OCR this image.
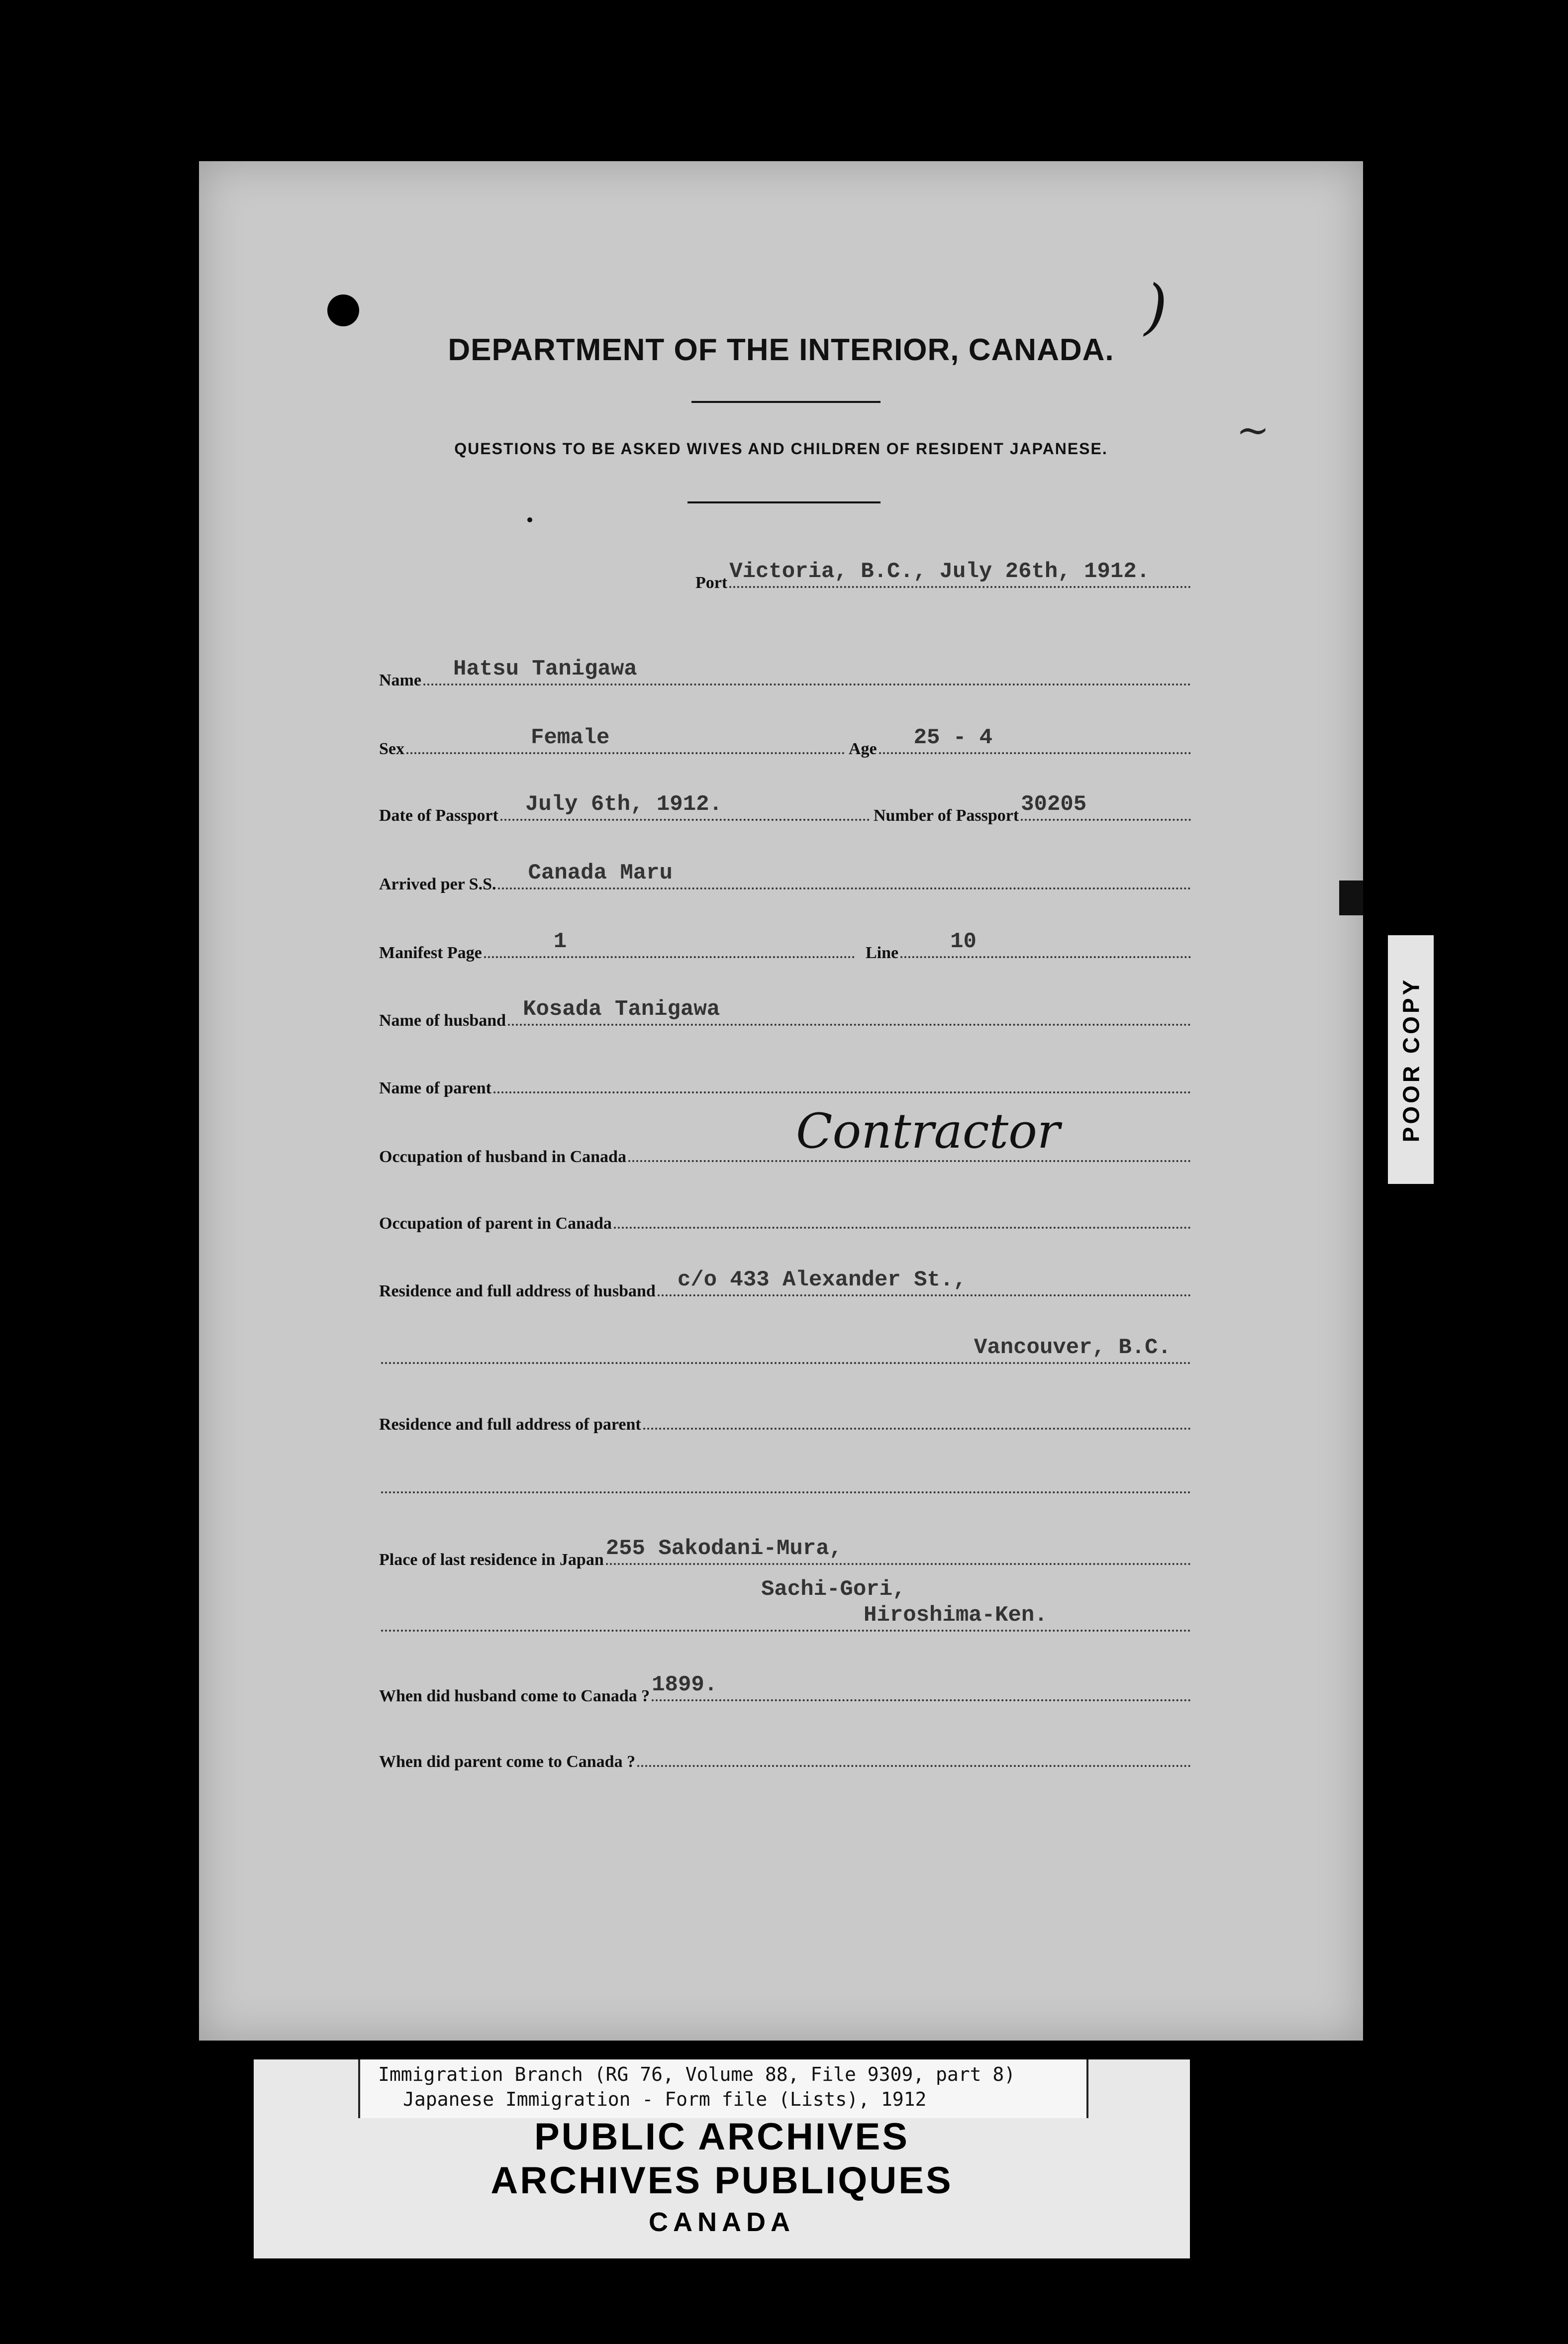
)
~
DEPARTMENT OF THE INTERIOR, CANADA.
QUESTIONS TO BE ASKED WIVES AND CHILDREN OF RESIDENT JAPANESE.
Port Victoria, B.C., July 26th, 1912.
Name Hatsu Tanigawa
Sex	Female	Age 25 - 4
Date of Passport July 6th, 1912.	Number of Passport 30205
Arrived per S.S. Canada Maru
Manifest Page	1	Line 10
Name of husband Kosada Tanigawa
Name of parent
Occupation of husband in Canada	Contractor
Occupation of parent in Canada
Residence and full address of husband c/o 433 Alexander St.,
Vancouver, B.C.
Residence and full address of parent
Place of last residence in Japan 255 Sakodani-Mura,
Sachi-Gori,
Hiroshima-Ken.
When did husband come to Canada ? 1899.
When did parent come to Canada ?
POOR COPY
Immigration Branch (RG 76, Volume 88, File 9309, part 8)
Japanese Immigration - Form file (Lists), 1912
PUBLIC ARCHIVES
ARCHIVES PUBLIQUES
CANADA
